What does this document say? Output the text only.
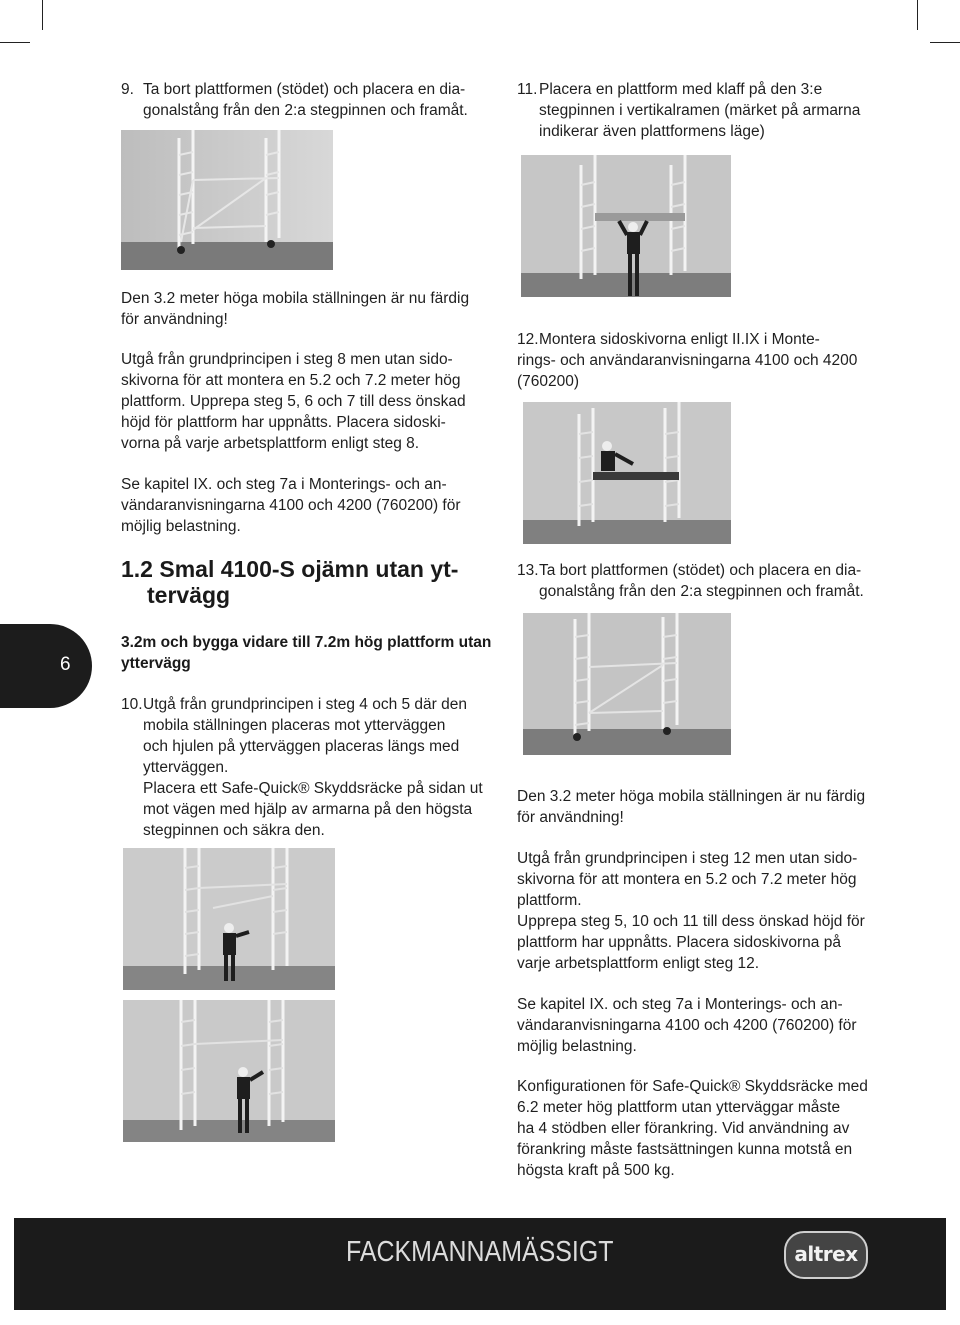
9. Ta bort plattformen (stödet) och placera en dia-

gonalstång från den 2:a stegpinnen och framåt.

11. Placera en plattform med klaff på den 3:e

stegpinnen i vertikalramen (märket på armarna

indikerar även plattformens läge)

Den 3.2 meter höga mobila ställningen är nu färdig

för användning!

Utgå från grundprincipen i steg 8 men utan sido-

skivorna för att montera en 5.2 och 7.2 meter hög

plattform. Upprepa steg 5, 6 och 7 till dess önskad

höjd för plattform har uppnåtts. Placera sidoski-

vorna på varje arbetsplattform enligt steg 8.

Se kapitel IX. och steg 7a i Monterings- och an-

vändaranvisningarna 4100 och 4200 (760200) för

möjlig belastning.

1.2 Smal 4100-S ojämn utan yt-
tervägg
3.2m och bygga vidare till 7.2m hög plattform utan
yttervägg
6
10. Utgå från grundprincipen i steg 4 och 5 där den

mobila ställningen placeras mot ytterväggen

och hjulen på ytterväggen placeras längs med

ytterväggen.

Placera ett Safe-Quick® Skyddsräcke på sidan ut

mot vägen med hjälp av armarna på den högsta

stegpinnen och säkra den.

12. Montera sidoskivorna enligt II.IX i Monte-

rings- och användaranvisningarna 4100 och 4200

(760200)

13. Ta bort plattformen (stödet) och placera en dia-

gonalstång från den 2:a stegpinnen och framåt.

Den 3.2 meter höga mobila ställningen är nu färdig

för användning!

Utgå från grundprincipen i steg 12 men utan sido-

skivorna för att montera en 5.2 och 7.2 meter hög

plattform.

Upprepa steg 5, 10 och 11 till dess önskad höjd för

plattform har uppnåtts. Placera sidoskivorna på

varje arbetsplattform enligt steg 12.

Se kapitel IX. och steg 7a i Monterings- och an-

vändaranvisningarna 4100 och 4200 (760200) för

möjlig belastning.

Konfigurationen för Safe-Quick® Skyddsräcke med

6.2 meter hög plattform utan ytterväggar måste

ha 4 stödben eller förankring. Vid användning av

förankring måste fastsättningen kunna motstå en

högsta kraft på 500 kg.

FACKMANNAMÄSSIGT	altrex
